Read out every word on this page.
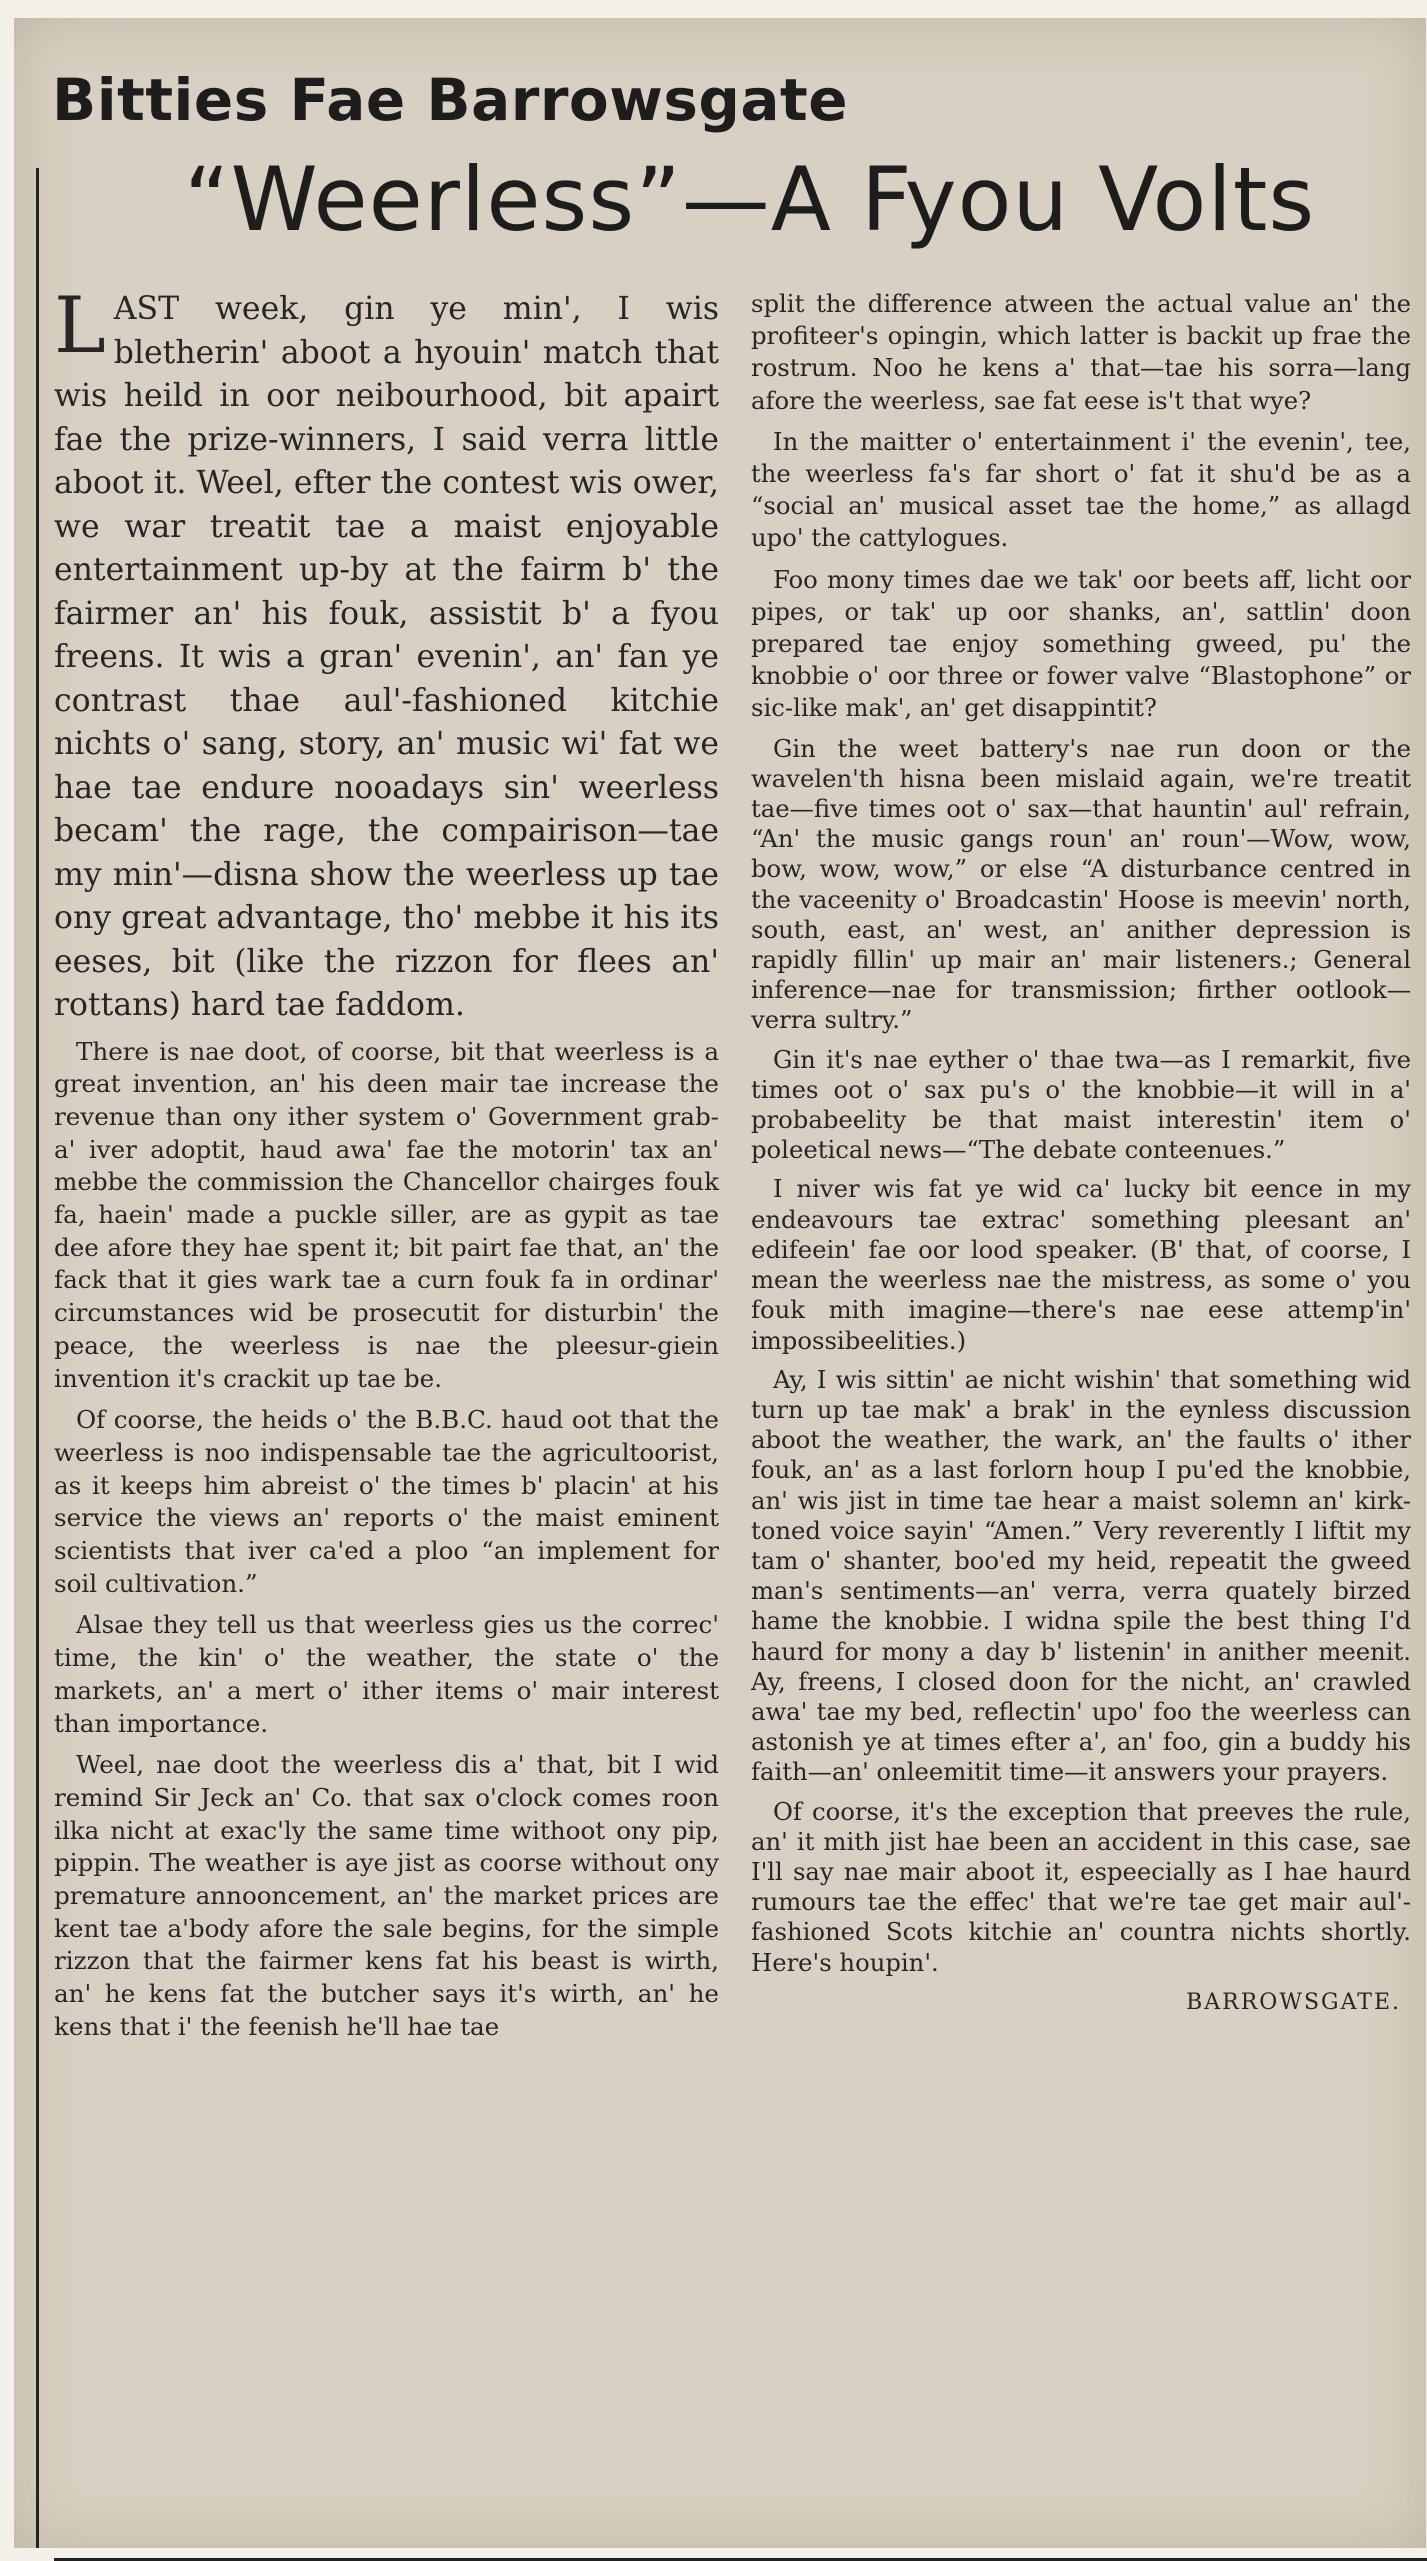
Bitties Fae Barrowsgate
“Weerless”—A Fyou Volts

LAST week, gin ye min', I wis bletherin' aboot a hyouin' match that wis heild in oor neibourhood, bit apairt fae the prize-winners, I said verra little aboot it. Weel, efter the contest wis ower, we war treatit tae a maist enjoyable entertainment up-by at the fairm b' the fairmer an' his fouk, assistit b' a fyou freens. It wis a gran' evenin', an' fan ye contrast thae aul'-fashioned kitchie nichts o' sang, story, an' music wi' fat we hae tae endure nooadays sin' weerless becam' the rage, the compairison—tae my min'—disna show the weerless up tae ony great advantage, tho' mebbe it his its eeses, bit (like the rizzon for flees an' rottans) hard tae faddom.

There is nae doot, of coorse, bit that weerless is a great invention, an' his deen mair tae increase the revenue than ony ither system o' Government grab-a' iver adoptit, haud awa' fae the motorin' tax an' mebbe the commission the Chancellor chairges fouk fa, haein' made a puckle siller, are as gypit as tae dee afore they hae spent it; bit pairt fae that, an' the fack that it gies wark tae a curn fouk fa in ordinar' circumstances wid be prosecutit for disturbin' the peace, the weerless is nae the pleesur-giein invention it's crackit up tae be.

Of coorse, the heids o' the B.B.C. haud oot that the weerless is noo indispensable tae the agricultoorist, as it keeps him abreist o' the times b' placin' at his service the views an' reports o' the maist eminent scientists that iver ca'ed a ploo “an implement for soil cultivation.”

Alsae they tell us that weerless gies us the correc' time, the kin' o' the weather, the state o' the markets, an' a mert o' ither items o' mair interest than importance.

Weel, nae doot the weerless dis a' that, bit I wid remind Sir Jeck an' Co. that sax o'clock comes roon ilka nicht at exac'ly the same time withoot ony pip, pippin. The weather is aye jist as coorse without ony premature annooncement, an' the market prices are kent tae a'body afore the sale begins, for the simple rizzon that the fairmer kens fat his beast is wirth, an' he kens fat the butcher says it's wirth, an' he kens that i' the feenish he'll hae tae

split the difference atween the actual value an' the profiteer's opingin, which latter is backit up frae the rostrum. Noo he kens a' that—tae his sorra—lang afore the weerless, sae fat eese is't that wye?

In the maitter o' entertainment i' the evenin', tee, the weerless fa's far short o' fat it shu'd be as a “social an' musical asset tae the home,” as allagd upo' the cattylogues.

Foo mony times dae we tak' oor beets aff, licht oor pipes, or tak' up oor shanks, an', sattlin' doon prepared tae enjoy something gweed, pu' the knobbie o' oor three or fower valve “Blastophone” or sic-like mak', an' get disappintit?

Gin the weet battery's nae run doon or the wavelen'th hisna been mislaid again, we're treatit tae—five times oot o' sax—that hauntin' aul' refrain, “An' the music gangs roun' an' roun'—Wow, wow, bow, wow, wow,” or else “A disturbance centred in the vaceenity o' Broadcastin' Hoose is meevin' north, south, east, an' west, an' anither depression is rapidly fillin' up mair an' mair listeners.; General inference—nae for transmission; firther ootlook—verra sultry.”

Gin it's nae eyther o' thae twa—as I remarkit, five times oot o' sax pu's o' the knobbie—it will in a' probabeelity be that maist interestin' item o' poleetical news—“The debate conteenues.”

I niver wis fat ye wid ca' lucky bit eence in my endeavours tae extrac' something pleesant an' edifeein' fae oor lood speaker. (B' that, of coorse, I mean the weerless nae the mistress, as some o' you fouk mith imagine—there's nae eese attemp'in' impossibeelities.)

Ay, I wis sittin' ae nicht wishin' that something wid turn up tae mak' a brak' in the eynless discussion aboot the weather, the wark, an' the faults o' ither fouk, an' as a last forlorn houp I pu'ed the knobbie, an' wis jist in time tae hear a maist solemn an' kirk-toned voice sayin' “Amen.” Very reverently I liftit my tam o' shanter, boo'ed my heid, repeatit the gweed man's sentiments—an' verra, verra quately birzed hame the knobbie. I widna spile the best thing I'd haurd for mony a day b' listenin' in anither meenit. Ay, freens, I closed doon for the nicht, an' crawled awa' tae my bed, reflectin' upo' foo the weerless can astonish ye at times efter a', an' foo, gin a buddy his faith—an' onleemitit time—it answers your prayers.

Of coorse, it's the exception that preeves the rule, an' it mith jist hae been an accident in this case, sae I'll say nae mair aboot it, espeecially as I hae haurd rumours tae the effec' that we're tae get mair aul'-fashioned Scots kitchie an' countra nichts shortly. Here's houpin'.

BARROWSGATE.
